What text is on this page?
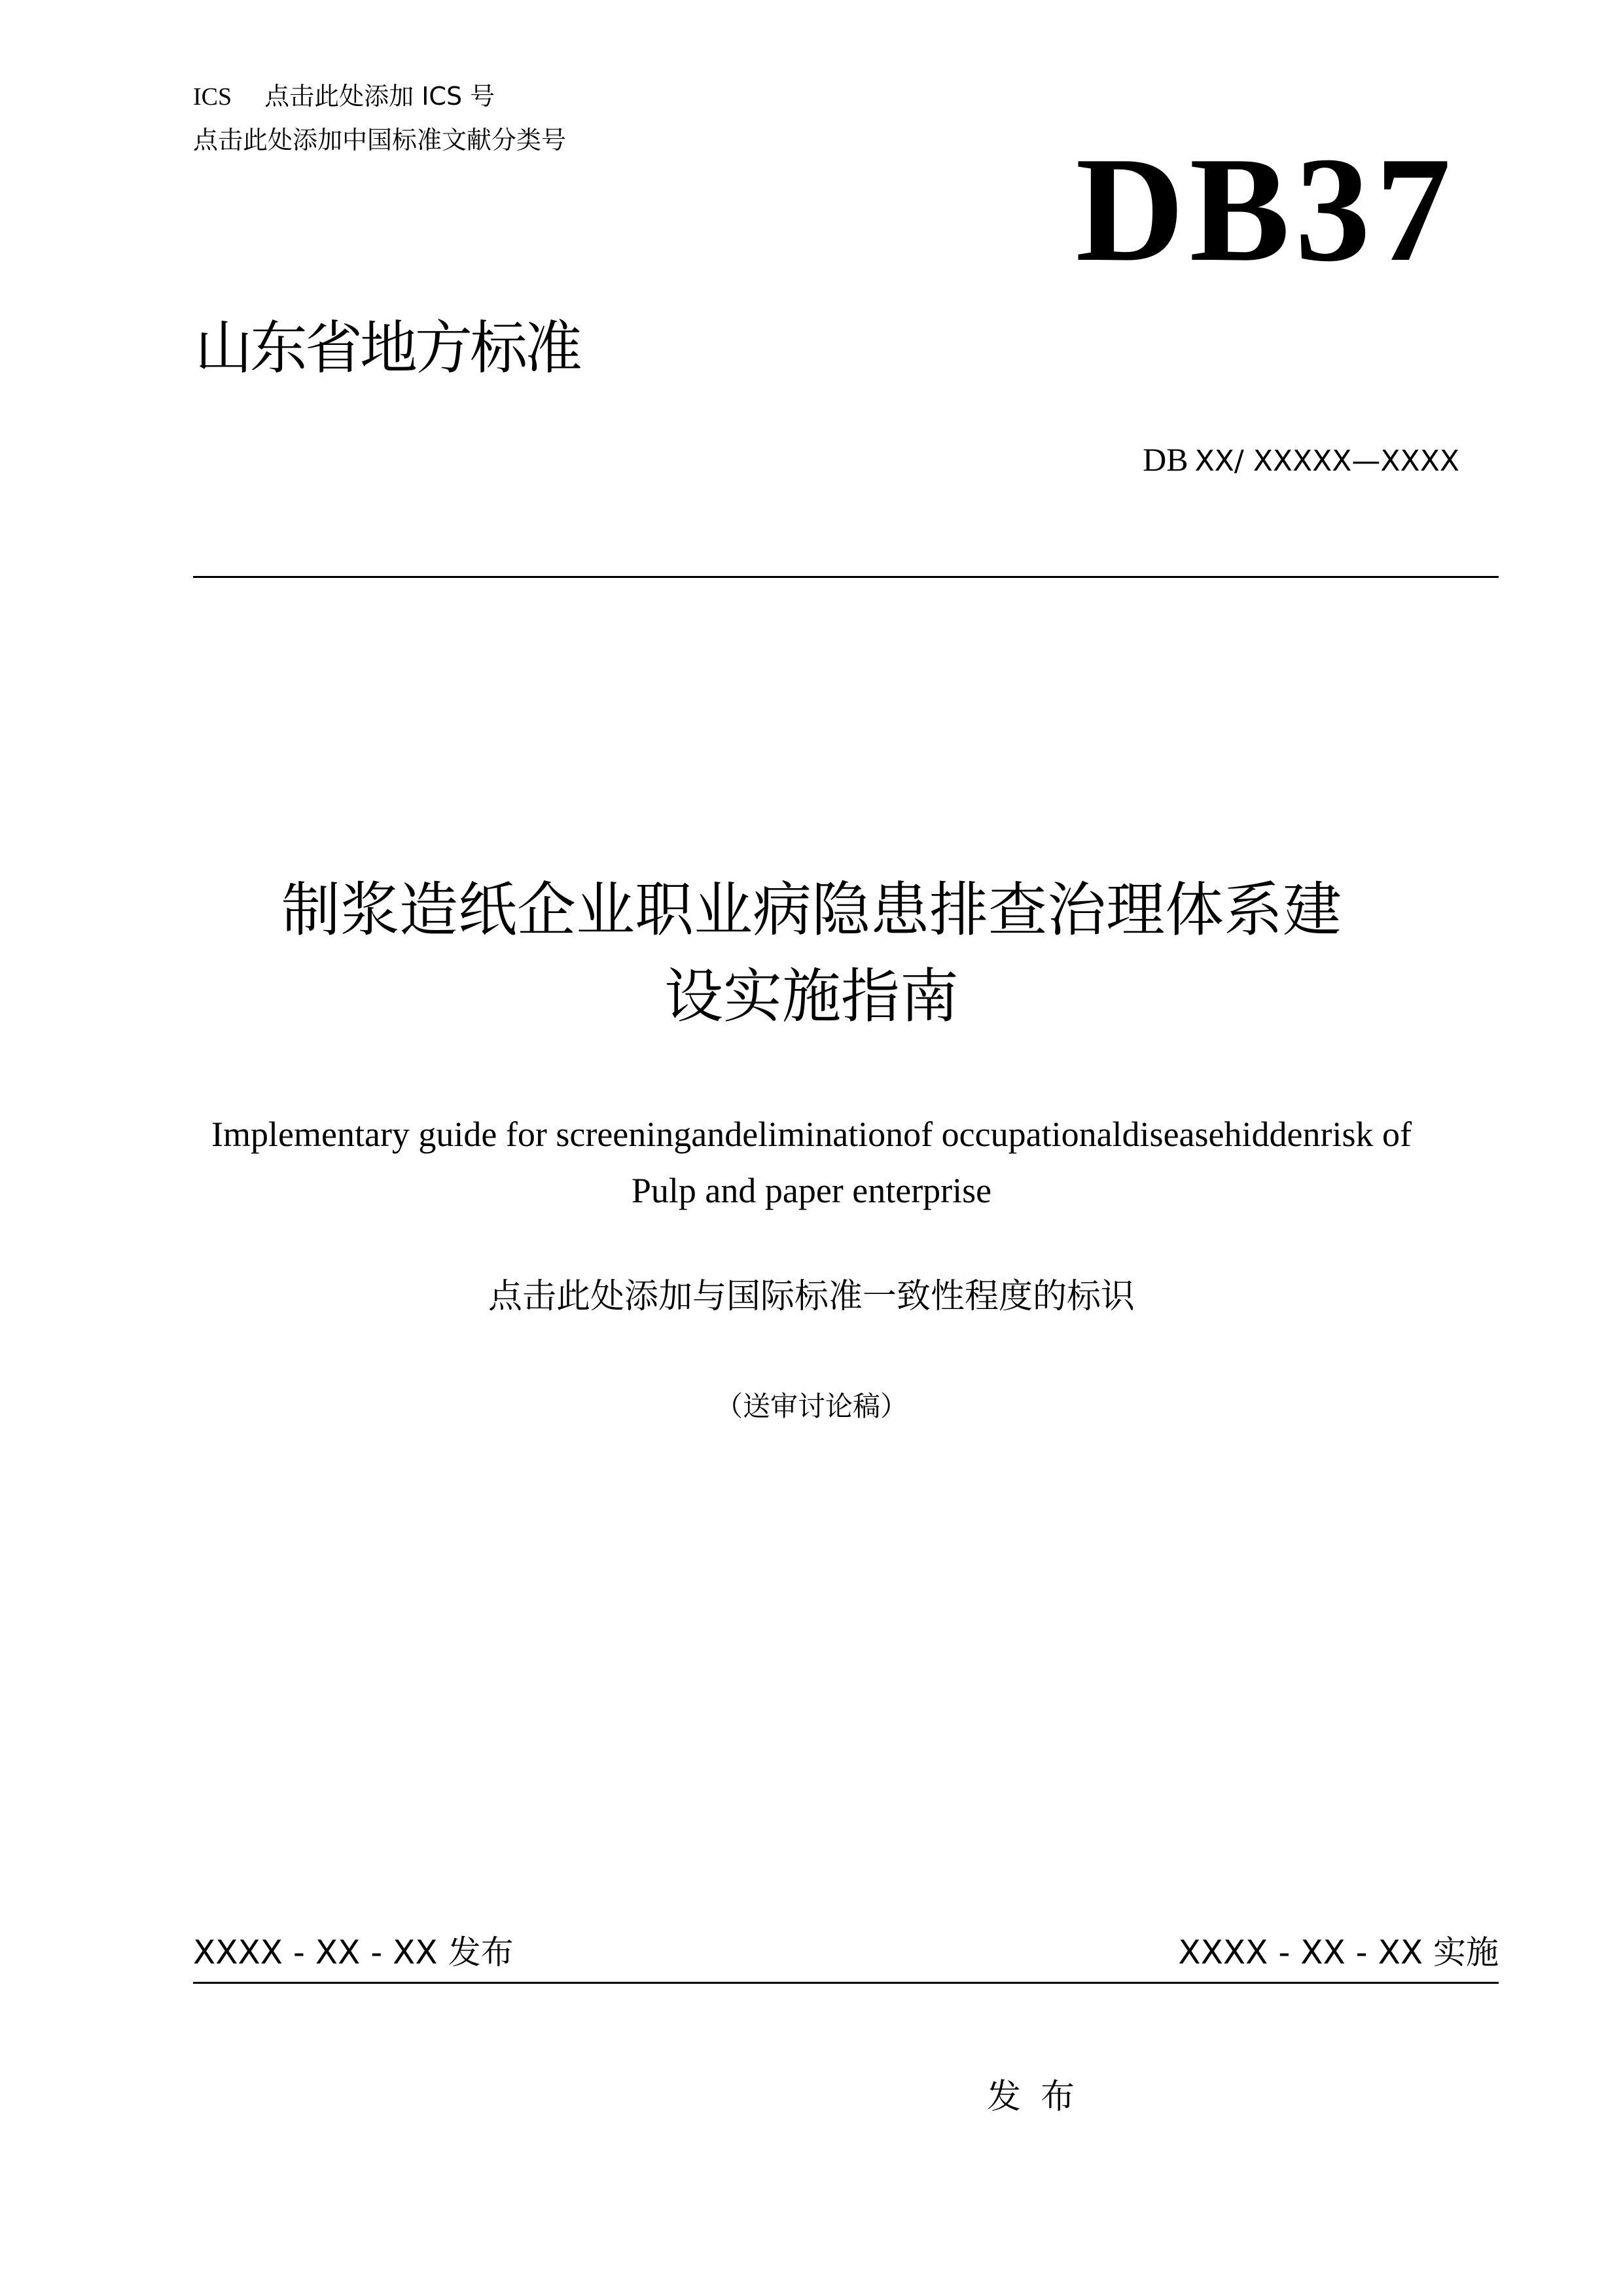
ICS 点击此处添加 ICS 号
点击此处添加中国标准文献分类号	DB37
山东省地方标准
DB XX/ XXXXX—XXXX
制浆造纸企业职业病隐患排查治理体系建
设实施指南
Implementary guide for screeningandeliminationof occupationaldiseasehiddenrisk of
Pulp and paper enterprise
点击此处添加与国际标准一致性程度的标识
（送审讨论稿）
XXXX - XX - XX 发布	XXXX - XX - XX 实施
发布
